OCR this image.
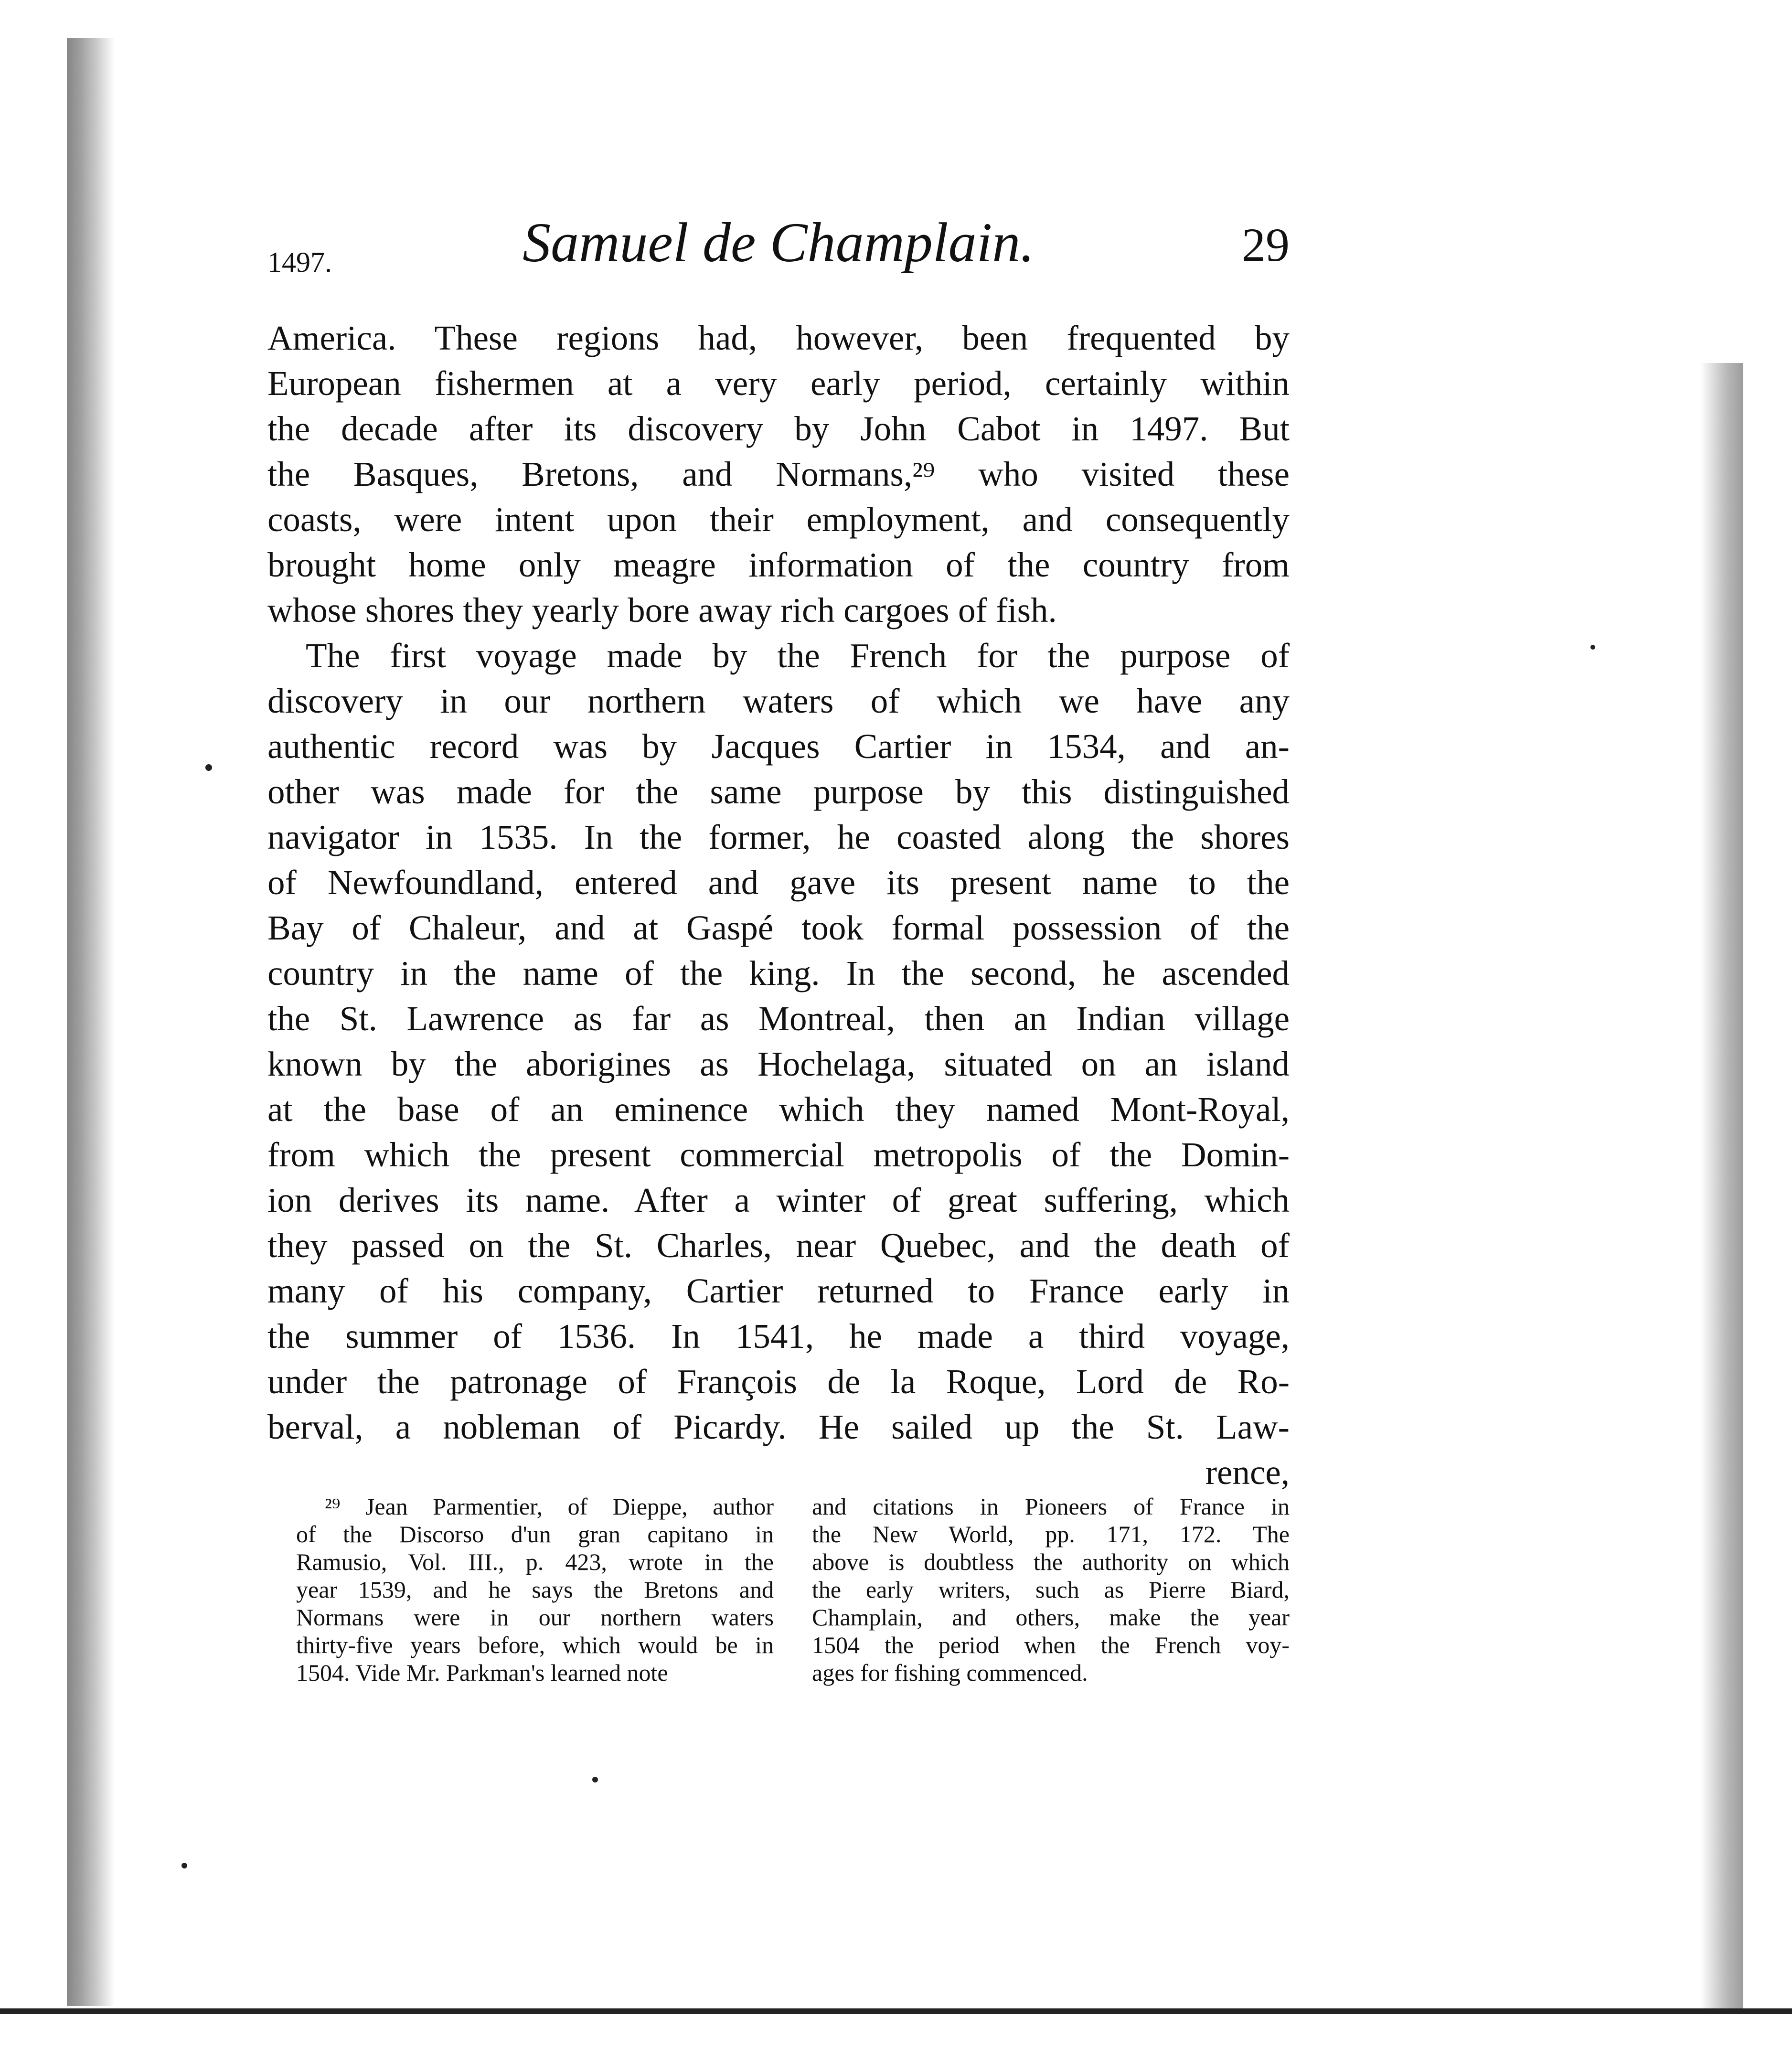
1497.	Samuel de Champlain.	29
America. These regions had, however, been frequented by
European fishermen at a very early period, certainly within
the decade after its discovery by John Cabot in 1497. But
the Basques, Bretons, and Normans,²⁹ who visited these
coasts, were intent upon their employment, and consequently
brought home only meagre information of the country from
whose shores they yearly bore away rich cargoes of fish.
The first voyage made by the French for the purpose of
discovery in our northern waters of which we have any
authentic record was by Jacques Cartier in 1534, and an-
other was made for the same purpose by this distinguished
navigator in 1535. In the former, he coasted along the shores
of Newfoundland, entered and gave its present name to the
Bay of Chaleur, and at Gaspé took formal possession of the
country in the name of the king. In the second, he ascended
the St. Lawrence as far as Montreal, then an Indian village
known by the aborigines as Hochelaga, situated on an island
at the base of an eminence which they named Mont-Royal,
from which the present commercial metropolis of the Domin-
ion derives its name. After a winter of great suffering, which
they passed on the St. Charles, near Quebec, and the death of
many of his company, Cartier returned to France early in
the summer of 1536. In 1541, he made a third voyage,
under the patronage of François de la Roque, Lord de Ro-
berval, a nobleman of Picardy. He sailed up the St. Law-
rence,
²⁹ Jean Parmentier, of Dieppe, author
of the Discorso d'un gran capitano in
Ramusio, Vol. III., p. 423, wrote in the
year 1539, and he says the Bretons and
Normans were in our northern waters
thirty-five years before, which would be in
1504. Vide Mr. Parkman's learned note
and citations in Pioneers of France in
the New World, pp. 171, 172. The
above is doubtless the authority on which
the early writers, such as Pierre Biard,
Champlain, and others, make the year
1504 the period when the French voy-
ages for fishing commenced.
